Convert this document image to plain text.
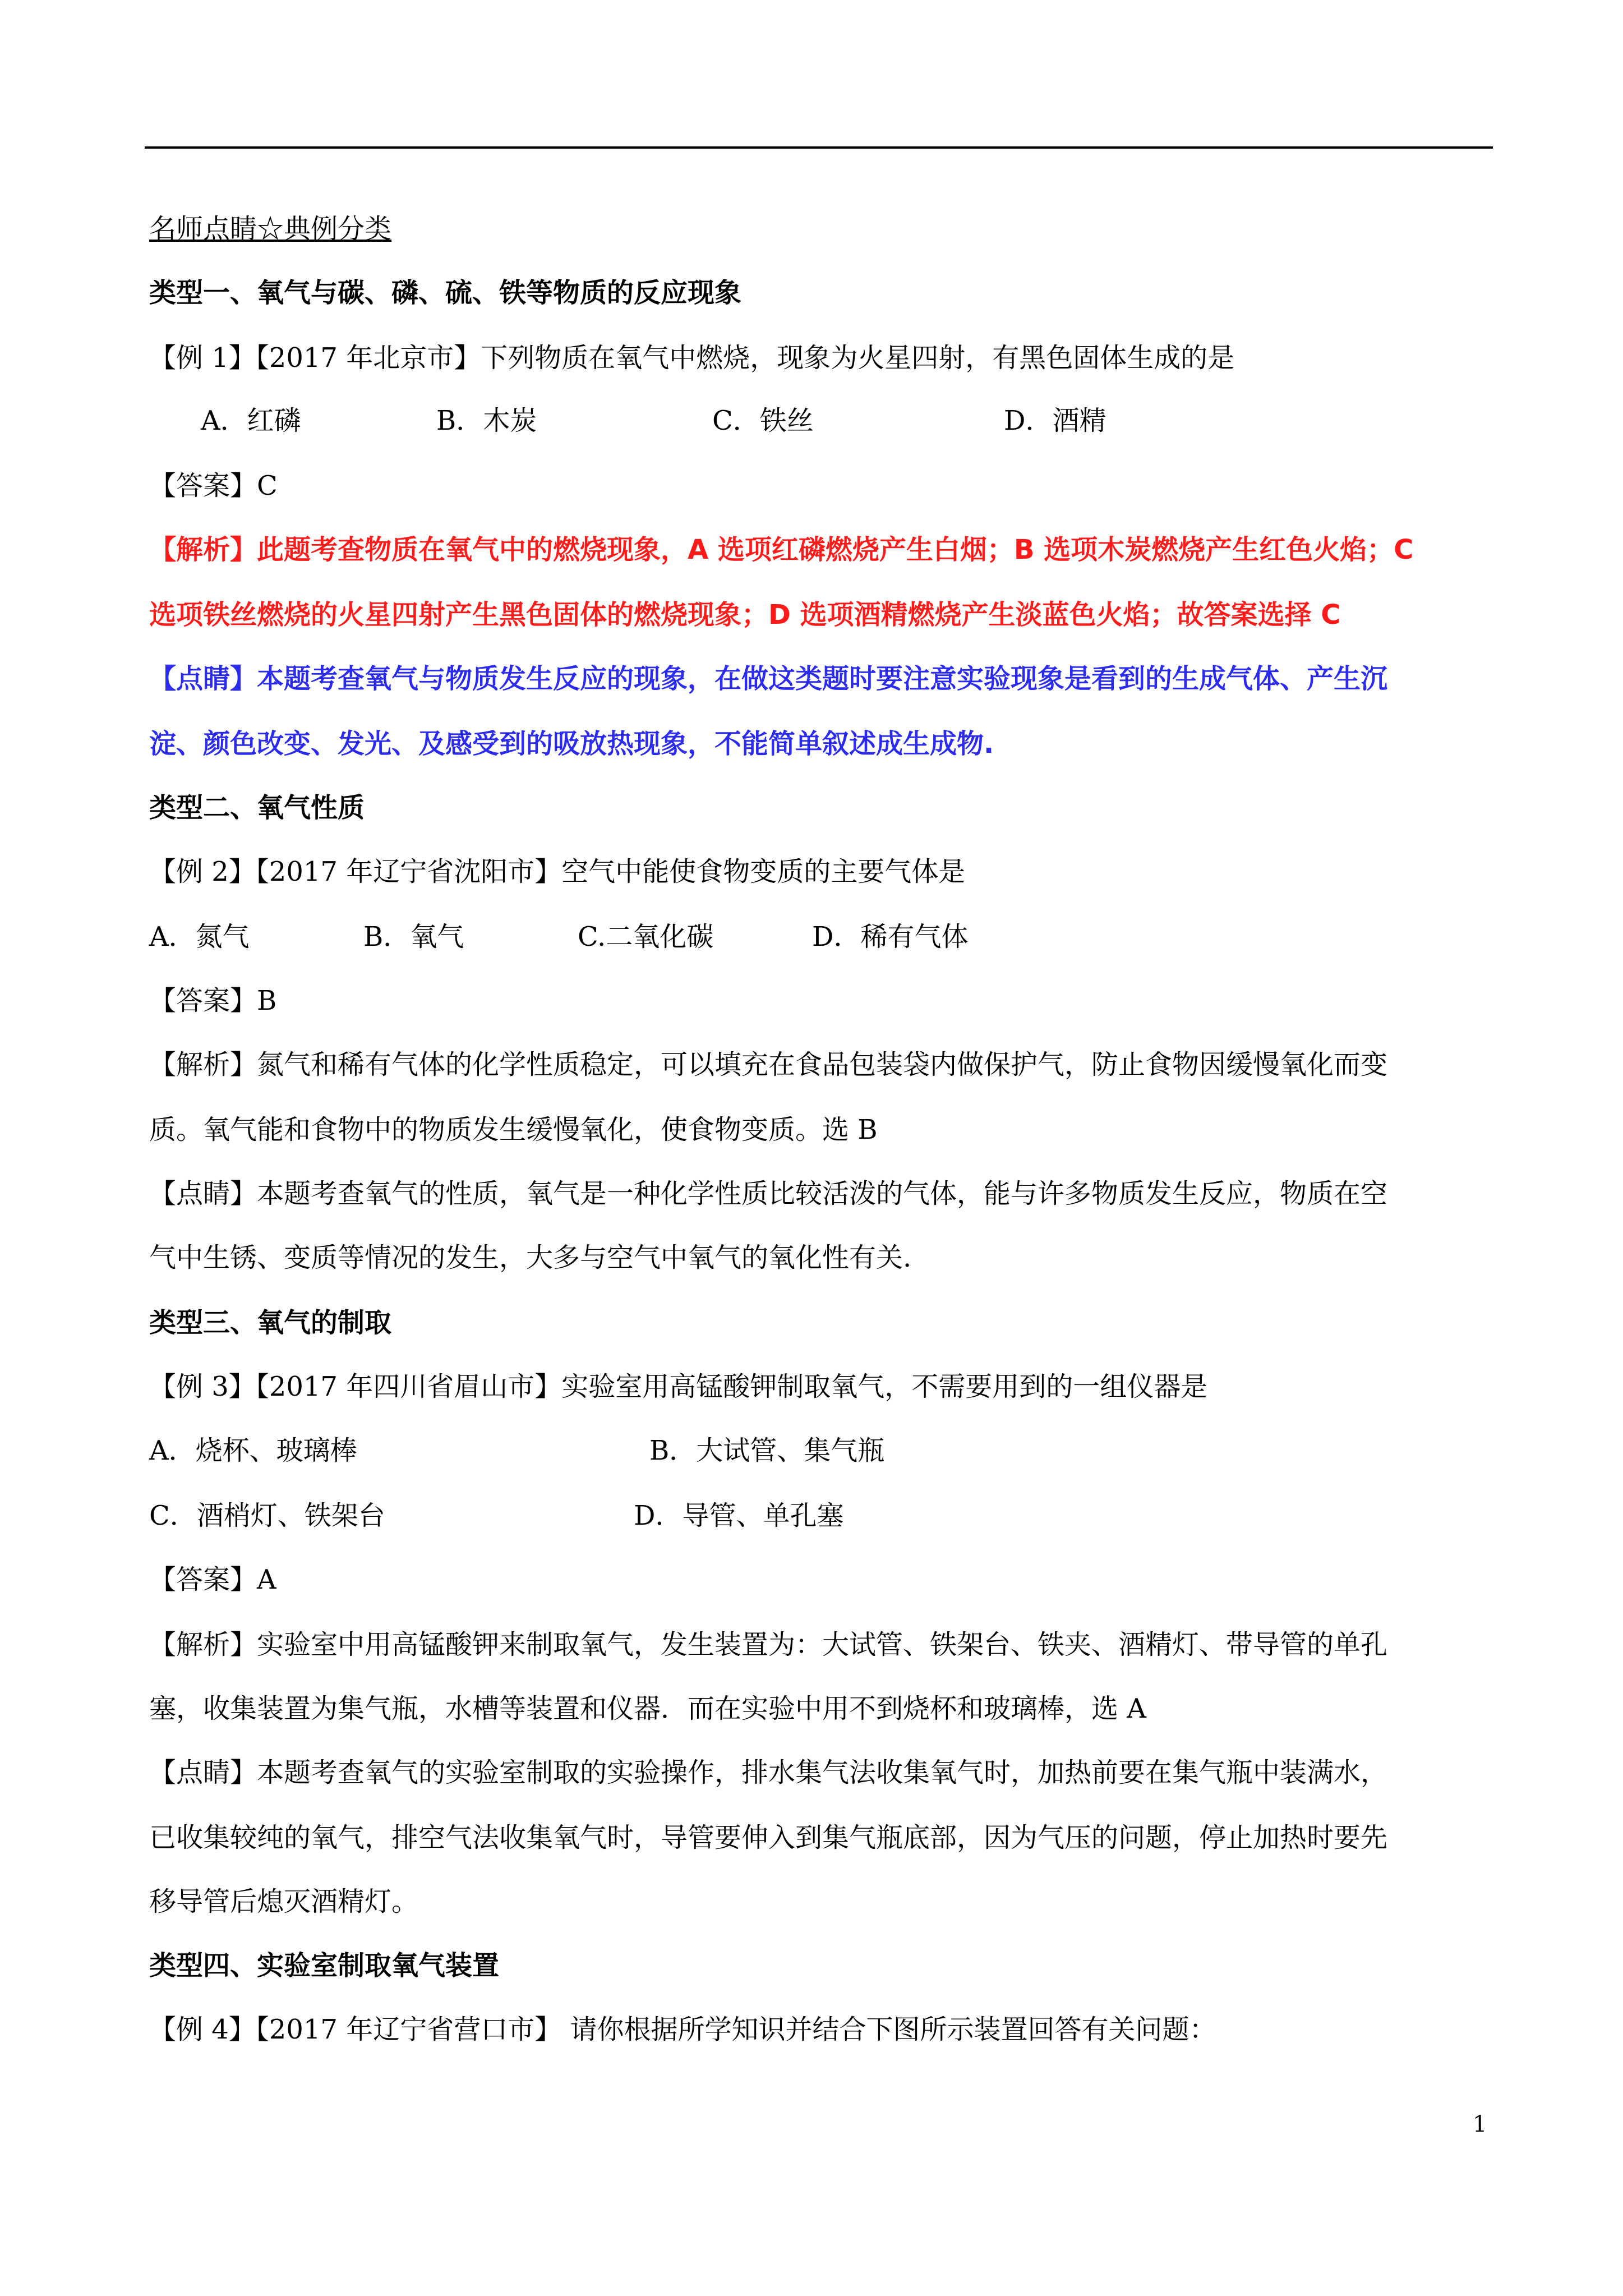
名师点睛☆典例分类
类型一、氧气与碳、磷、硫、铁等物质的反应现象
【例 1】【2017 年北京市】下列物质在氧气中燃烧，现象为火星四射，有黑色固体生成的是
A．红磷	B．木炭	C．铁丝	D．酒精
【答案】C
【解析】此题考查物质在氧气中的燃烧现象，A 选项红磷燃烧产生白烟；B 选项木炭燃烧产生红色火焰；C
选项铁丝燃烧的火星四射产生黑色固体的燃烧现象；D 选项酒精燃烧产生淡蓝色火焰；故答案选择 C
【点睛】本题考查氧气与物质发生反应的现象，在做这类题时要注意实验现象是看到的生成气体、产生沉
淀、颜色改变、发光、及感受到的吸放热现象，不能简单叙述成生成物.
类型二、氧气性质
【例 2】【2017 年辽宁省沈阳市】空气中能使食物变质的主要气体是
A．氮气	B．氧气	C.二氧化碳	D．稀有气体
【答案】B
【解析】氮气和稀有气体的化学性质稳定，可以填充在食品包装袋内做保护气，防止食物因缓慢氧化而变
质。氧气能和食物中的物质发生缓慢氧化，使食物变质。选 B
【点睛】本题考查氧气的性质，氧气是一种化学性质比较活泼的气体，能与许多物质发生反应，物质在空
气中生锈、变质等情况的发生，大多与空气中氧气的氧化性有关.
类型三、氧气的制取
【例 3】【2017 年四川省眉山市】实验室用高锰酸钾制取氧气，不需要用到的一组仪器是
A．烧杯、玻璃棒	B．大试管、集气瓶
C．酒梢灯、铁架台	D．导管、单孔塞
【答案】A
【解析】实验室中用高锰酸钾来制取氧气，发生装置为：大试管、铁架台、铁夹、酒精灯、带导管的单孔
塞，收集装置为集气瓶，水槽等装置和仪器．而在实验中用不到烧杯和玻璃棒，选 A
【点睛】本题考查氧气的实验室制取的实验操作，排水集气法收集氧气时，加热前要在集气瓶中装满水，
已收集较纯的氧气，排空气法收集氧气时，导管要伸入到集气瓶底部，因为气压的问题，停止加热时要先
移导管后熄灭酒精灯。
类型四、实验室制取氧气装置
【例 4】【2017 年辽宁省营口市】 请你根据所学知识并结合下图所示装置回答有关问题：
1
